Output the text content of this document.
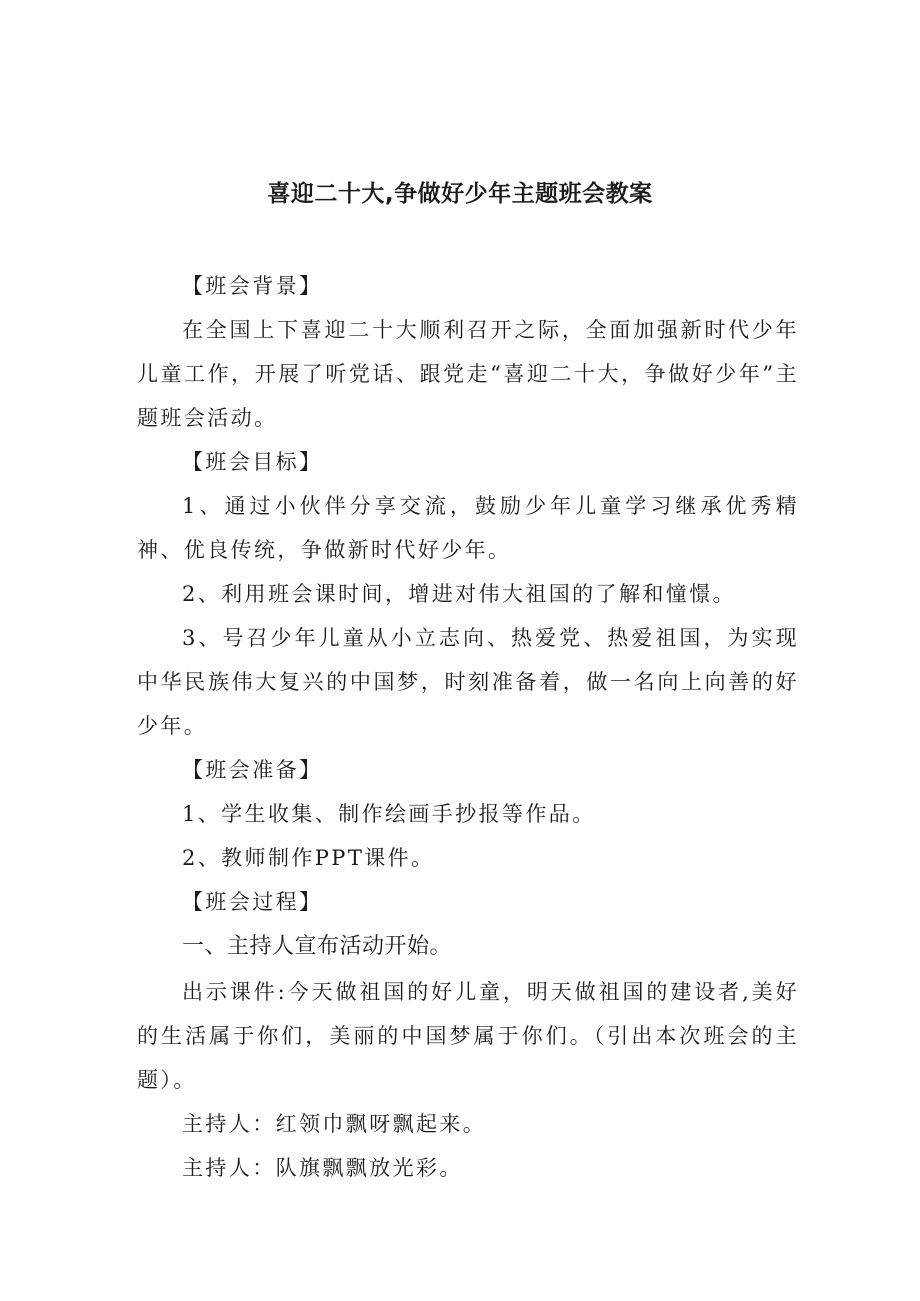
喜迎二十大,争做好少年主题班会教案

【班会背景】

在全国上下喜迎二十大顺利召开之际，全面加强新时代少年儿童工作，开展了听党话、跟党走“喜迎二十大，争做好少年”主题班会活动。

【班会目标】

1、通过小伙伴分享交流，鼓励少年儿童学习继承优秀精神、优良传统，争做新时代好少年。

2、利用班会课时间，增进对伟大祖国的了解和憧憬。

3、号召少年儿童从小立志向、热爱党、热爱祖国，为实现中华民族伟大复兴的中国梦，时刻准备着，做一名向上向善的好少年。

【班会准备】

1、学生收集、制作绘画手抄报等作品。

2、教师制作PPT课件。

【班会过程】

一、主持人宣布活动开始。

出示课件:今天做祖国的好儿童，明天做祖国的建设者,美好的生活属于你们，美丽的中国梦属于你们。（引出本次班会的主题）。

主持人：红领巾飘呀飘起来。

主持人：队旗飘飘放光彩。
